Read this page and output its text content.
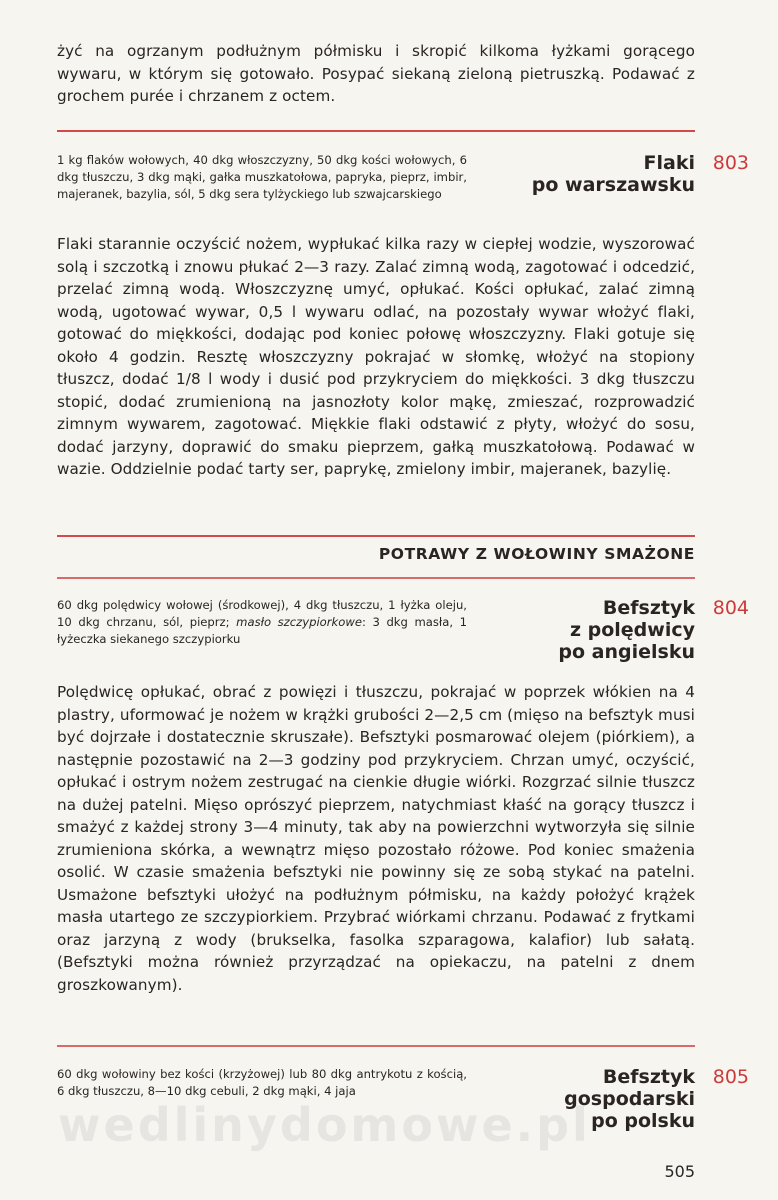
żyć na ogrzanym podłużnym półmisku i skropić kilkoma łyżkami gorącego wywaru, w którym się gotowało. Posypać siekaną zieloną pietruszką. Podawać z grochem purée i chrzanem z octem.

1 kg flaków wołowych, 40 dkg włoszczyzny, 50 dkg kości wołowych, 6 dkg tłuszczu, 3 dkg mąki, gałka muszkatołowa, papryka, pieprz, imbir, majeranek, bazylia, sól, 5 dkg sera tylżyckiego lub szwajcarskiego

Flaki
po warszawsku

803

Flaki starannie oczyścić nożem, wypłukać kilka razy w ciepłej wodzie, wyszorować solą i szczotką i znowu płukać 2—3 razy. Zalać zimną wodą, zagotować i odcedzić, przelać zimną wodą. Włoszczyznę umyć, opłukać. Kości opłukać, zalać zimną wodą, ugotować wywar, 0,5 l wywaru odlać, na pozostały wywar włożyć flaki, gotować do miękkości, dodając pod koniec połowę włoszczyzny. Flaki gotuje się około 4 godzin. Resztę włoszczyzny pokrajać w słomkę, włożyć na stopiony tłuszcz, dodać 1/8 l wody i dusić pod przykryciem do miękkości. 3 dkg tłuszczu stopić, dodać zrumienioną na jasnozłoty kolor mąkę, zmieszać, rozprowadzić zimnym wywarem, zagotować. Miękkie flaki odstawić z płyty, włożyć do sosu, dodać jarzyny, doprawić do smaku pieprzem, gałką muszkatołową. Podawać w wazie. Oddzielnie podać tarty ser, paprykę, zmielony imbir, majeranek, bazylię.

POTRAWY Z WOŁOWINY SMAŻONE

60 dkg polędwicy wołowej (środkowej), 4 dkg tłuszczu, 1 łyżka oleju, 10 dkg chrzanu, sól, pieprz; masło szczypiorkowe: 3 dkg masła, 1 łyżeczka siekanego szczypiorku

Befsztyk
z polędwicy
po angielsku

804

Polędwicę opłukać, obrać z powięzi i tłuszczu, pokrajać w poprzek włókien na 4 plastry, uformować je nożem w krążki grubości 2—2,5 cm (mięso na befsztyk musi być dojrzałe i dostatecznie skruszałe). Befsztyki posmarować olejem (piórkiem), a następnie pozostawić na 2—3 godziny pod przykryciem. Chrzan umyć, oczyścić, opłukać i ostrym nożem zestrugać na cienkie długie wiórki. Rozgrzać silnie tłuszcz na dużej patelni. Mięso oprószyć pieprzem, natychmiast kłaść na gorący tłuszcz i smażyć z każdej strony 3—4 minuty, tak aby na powierzchni wytworzyła się silnie zrumieniona skórka, a wewnątrz mięso pozostało różowe. Pod koniec smażenia osolić. W czasie smażenia befsztyki nie powinny się ze sobą stykać na patelni. Usmażone befsztyki ułożyć na podłużnym półmisku, na każdy położyć krążek masła utartego ze szczypiorkiem. Przybrać wiórkami chrzanu. Podawać z frytkami oraz jarzyną z wody (brukselka, fasolka szparagowa, kalafior) lub sałatą. (Befsztyki można również przyrządzać na opiekaczu, na patelni z dnem groszkowanym).

60 dkg wołowiny bez kości (krzyżowej) lub 80 dkg antrykotu z kością, 6 dkg tłuszczu, 8—10 dkg cebuli, 2 dkg mąki, 4 jaja

Befsztyk
gospodarski
po polsku

805

505

wedlinydomowe.pl
